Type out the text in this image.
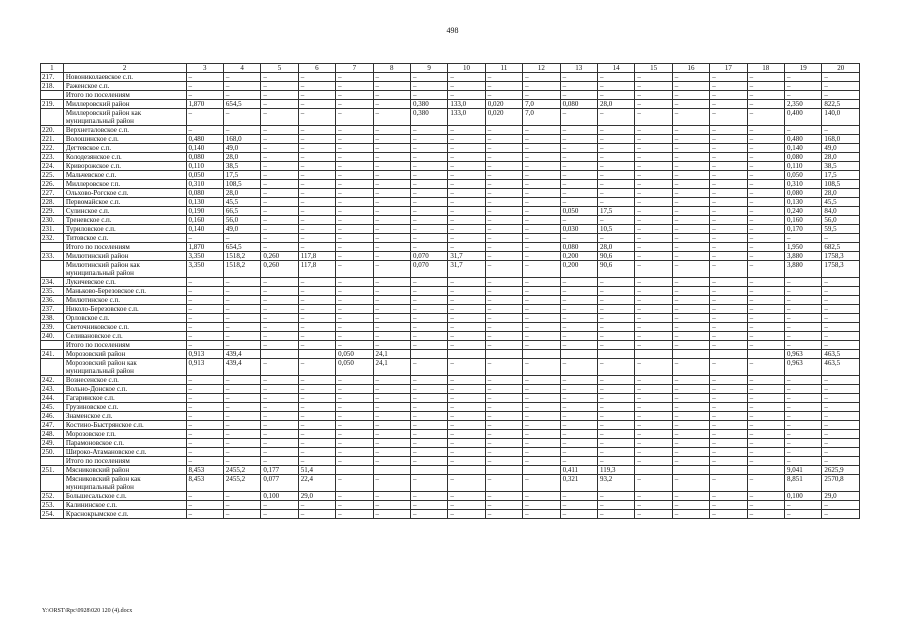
498
1	2	3	4	5	6	7	8	9	10	11	12	13	14	15	16	17	18	19	20
217.	Новониколаевское с.п.	–	–	–	–	–	–	–	–	–	–	–	–	–	–	–	–	–	–
218.	Раженское с.п.	–	–	–	–	–	–	–	–	–	–	–	–	–	–	–	–	–	–
	Итого по поселениям	–	–	–	–	–	–	–	–	–	–	–	–	–	–	–	–	–	–
219.	Миллеровский район	1,870	654,5	–	–	–	–	0,380	133,0	0,020	7,0	0,080	28,0	–	–	–	–	2,350	822,5
	Миллеровский район как муниципальный район	–	–	–	–	–	–	0,380	133,0	0,020	7,0	–	–	–	–	–	–	0,400	140,0
220.	Верхнеталовское с.п.	–	–	–	–	–	–	–	–	–	–	–	–	–	–	–	–	–	–
221.	Волошинское с.п.	0,480	168,0	–	–	–	–	–	–	–	–	–	–	–	–	–	–	0,480	168,0
222.	Дегтевское с.п.	0,140	49,0	–	–	–	–	–	–	–	–	–	–	–	–	–	–	0,140	49,0
223.	Колодезянское с.п.	0,080	28,0	–	–	–	–	–	–	–	–	–	–	–	–	–	–	0,080	28,0
224.	Криворожское с.п.	0,110	38,5	–	–	–	–	–	–	–	–	–	–	–	–	–	–	0,110	38,5
225.	Мальчевское с.п.	0,050	17,5	–	–	–	–	–	–	–	–	–	–	–	–	–	–	0,050	17,5
226.	Миллеровское г.п.	0,310	108,5	–	–	–	–	–	–	–	–	–	–	–	–	–	–	0,310	108,5
227.	Ольхово-Рогское с.п.	0,080	28,0	–	–	–	–	–	–	–	–	–	–	–	–	–	–	0,080	28,0
228.	Первомайское с.п.	0,130	45,5	–	–	–	–	–	–	–	–	–	–	–	–	–	–	0,130	45,5
229.	Сулинское с.п.	0,190	66,5	–	–	–	–	–	–	–	–	0,050	17,5	–	–	–	–	0,240	84,0
230.	Треневское с.п.	0,160	56,0	–	–	–	–	–	–	–	–	–	–	–	–	–	–	0,160	56,0
231.	Туриловское с.п.	0,140	49,0	–	–	–	–	–	–	–	–	0,030	10,5	–	–	–	–	0,170	59,5
232.	Титовское с.п.	–	–	–	–	–	–	–	–	–	–	–	–	–	–	–	–	–	–
	Итого по поселениям	1,870	654,5	–	–	–	–	–	–	–	–	0,080	28,0	–	–	–	–	1,950	682,5
233.	Милютинский район	3,350	1518,2	0,260	117,8	–	–	0,070	31,7	–	–	0,200	90,6	–	–	–	–	3,880	1758,3
	Милютинский район как муниципальный район	3,350	1518,2	0,260	117,8	–	–	0,070	31,7	–	–	0,200	90,6	–	–	–	–	3,880	1758,3
234.	Лукичевское с.п.	–	–	–	–	–	–	–	–	–	–	–	–	–	–	–	–	–	–
235.	Маньково-Березовское с.п.	–	–	–	–	–	–	–	–	–	–	–	–	–	–	–	–	–	–
236.	Милютинское с.п.	–	–	–	–	–	–	–	–	–	–	–	–	–	–	–	–	–	–
237.	Николо-Березовское с.п.	–	–	–	–	–	–	–	–	–	–	–	–	–	–	–	–	–	–
238.	Орловское с.п.	–	–	–	–	–	–	–	–	–	–	–	–	–	–	–	–	–	–
239.	Светочниковское с.п.	–	–	–	–	–	–	–	–	–	–	–	–	–	–	–	–	–	–
240.	Селивановское с.п.	–	–	–	–	–	–	–	–	–	–	–	–	–	–	–	–	–	–
	Итого по поселениям	–	–	–	–	–	–	–	–	–	–	–	–	–	–	–	–	–	–
241.	Морозовский район	0,913	439,4			0,050	24,1											0,963	463,5
	Морозовский район как муниципальный район	0,913	439,4	–	–	0,050	24,1	–	–	–	–	–	–	–	–	–	–	0,963	463,5
242.	Вознесенское с.п.	–	–	–	–	–	–	–	–	–	–	–	–	–	–	–	–	–	–
243.	Вольно-Донское с.п.	–	–	–	–	–	–	–	–	–	–	–	–	–	–	–	–	–	–
244.	Гагаринское с.п.	–	–	–	–	–	–	–	–	–	–	–	–	–	–	–	–	–	–
245.	Грузиновское с.п.	–	–	–	–	–	–	–	–	–	–	–	–	–	–	–	–	–	–
246.	Знаменское с.п.	–	–	–	–	–	–	–	–	–	–	–	–	–	–	–	–	–	–
247.	Костино-Быстрянское с.п.	–	–	–	–	–	–	–	–	–	–	–	–	–	–	–	–	–	–
248.	Морозовское г.п.	–	–	–	–	–	–	–	–	–	–	–	–	–	–	–	–	–	–
249.	Парамоновское с.п.	–	–	–	–	–	–	–	–	–	–	–	–	–	–	–	–	–	–
250.	Широко-Атамановское с.п.	–	–	–	–	–	–	–	–	–	–	–	–	–	–	–	–	–	–
	Итого по поселениям	–	–	–	–	–	–	–	–	–	–	–	–	–	–	–	–	–	–
251.	Мясниковский район	8,453	2455,2	0,177	51,4							0,411	119,3					9,041	2625,9
	Мясниковский район как муниципальный район	8,453	2455,2	0,077	22,4	–	–	–	–	–	–	0,321	93,2	–	–	–	–	8,851	2570,8
252.	Большесальское с.п.	–	–	0,100	29,0	–	–	–	–	–	–	–	–	–	–	–	–	0,100	29,0
253.	Калининское с.п.	–	–	–	–	–	–	–	–	–	–	–	–	–	–	–	–	–	–
254.	Краснокрымское с.п.	–	–	–	–	–	–	–	–	–	–	–	–	–	–	–	–	–	–
Y:\ORST\Rpc\0928\020 120 (4).docx
